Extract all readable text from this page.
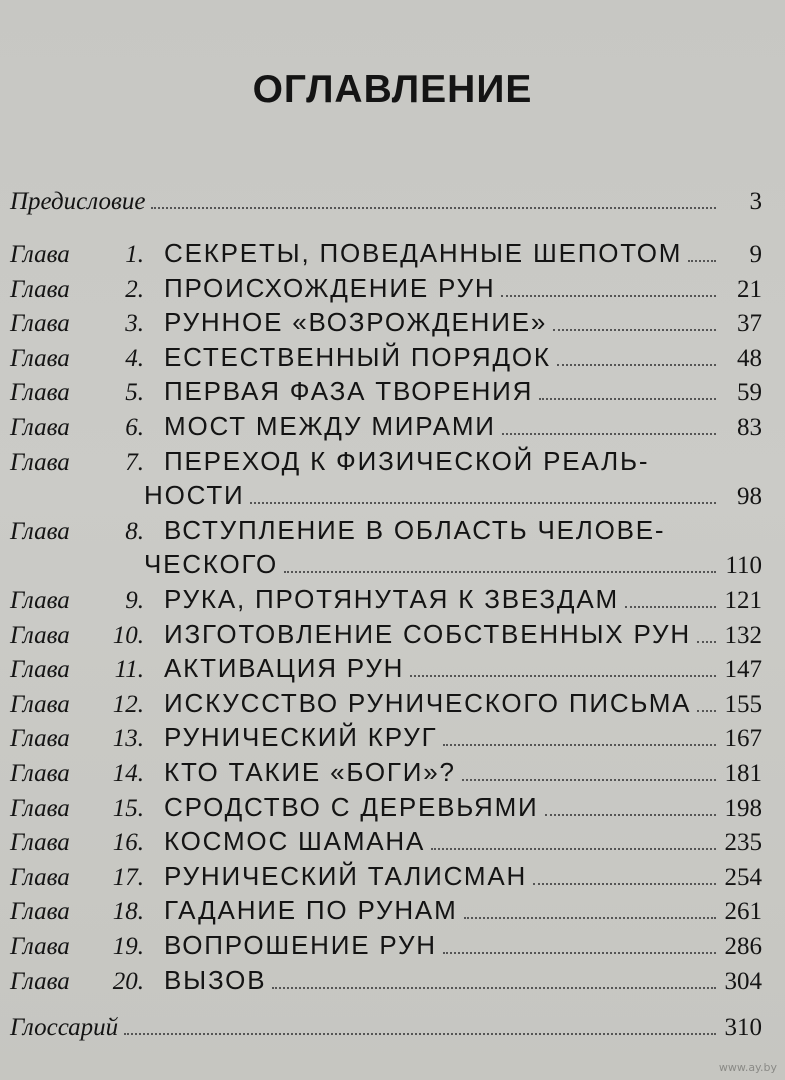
ОГЛАВЛЕНИЕ
Предисловие	3
Глава	1. СЕКРЕТЫ, ПОВЕДАННЫЕ ШЕПОТОМ	9
Глава	2. ПРОИСХОЖДЕНИЕ РУН	21
Глава	3. РУННОЕ «ВОЗРОЖДЕНИЕ»	37
Глава	4. ЕСТЕСТВЕННЫЙ ПОРЯДОК	48
Глава	5. ПЕРВАЯ ФАЗА ТВОРЕНИЯ	59
Глава	6. МОСТ МЕЖДУ МИРАМИ	83
Глава	7. ПЕРЕХОД К ФИЗИЧЕСКОЙ РЕАЛЬ-
НОСТИ	98
Глава	8. ВСТУПЛЕНИЕ В ОБЛАСТЬ ЧЕЛОВЕ-
ЧЕСКОГО	110
Глава	9. РУКА, ПРОТЯНУТАЯ К ЗВЕЗДАМ	121
Глава	10. ИЗГОТОВЛЕНИЕ СОБСТВЕННЫХ РУН 132
Глава	11. АКТИВАЦИЯ РУН	147
Глава	12. ИСКУССТВО РУНИЧЕСКОГО ПИСЬМА 155
Глава	13. РУНИЧЕСКИЙ КРУГ	167
Глава	14. КТО ТАКИЕ «БОГИ»?	181
Глава	15. СРОДСТВО С ДЕРЕВЬЯМИ	198
Глава	16. КОСМОС ШАМАНА	235
Глава	17. РУНИЧЕСКИЙ ТАЛИСМАН	254
Глава	18. ГАДАНИЕ ПО РУНАМ	261
Глава	19. ВОПРОШЕНИЕ РУН	286
Глава	20. ВЫЗОВ	304
Глоссарий	310
www.ay.by
